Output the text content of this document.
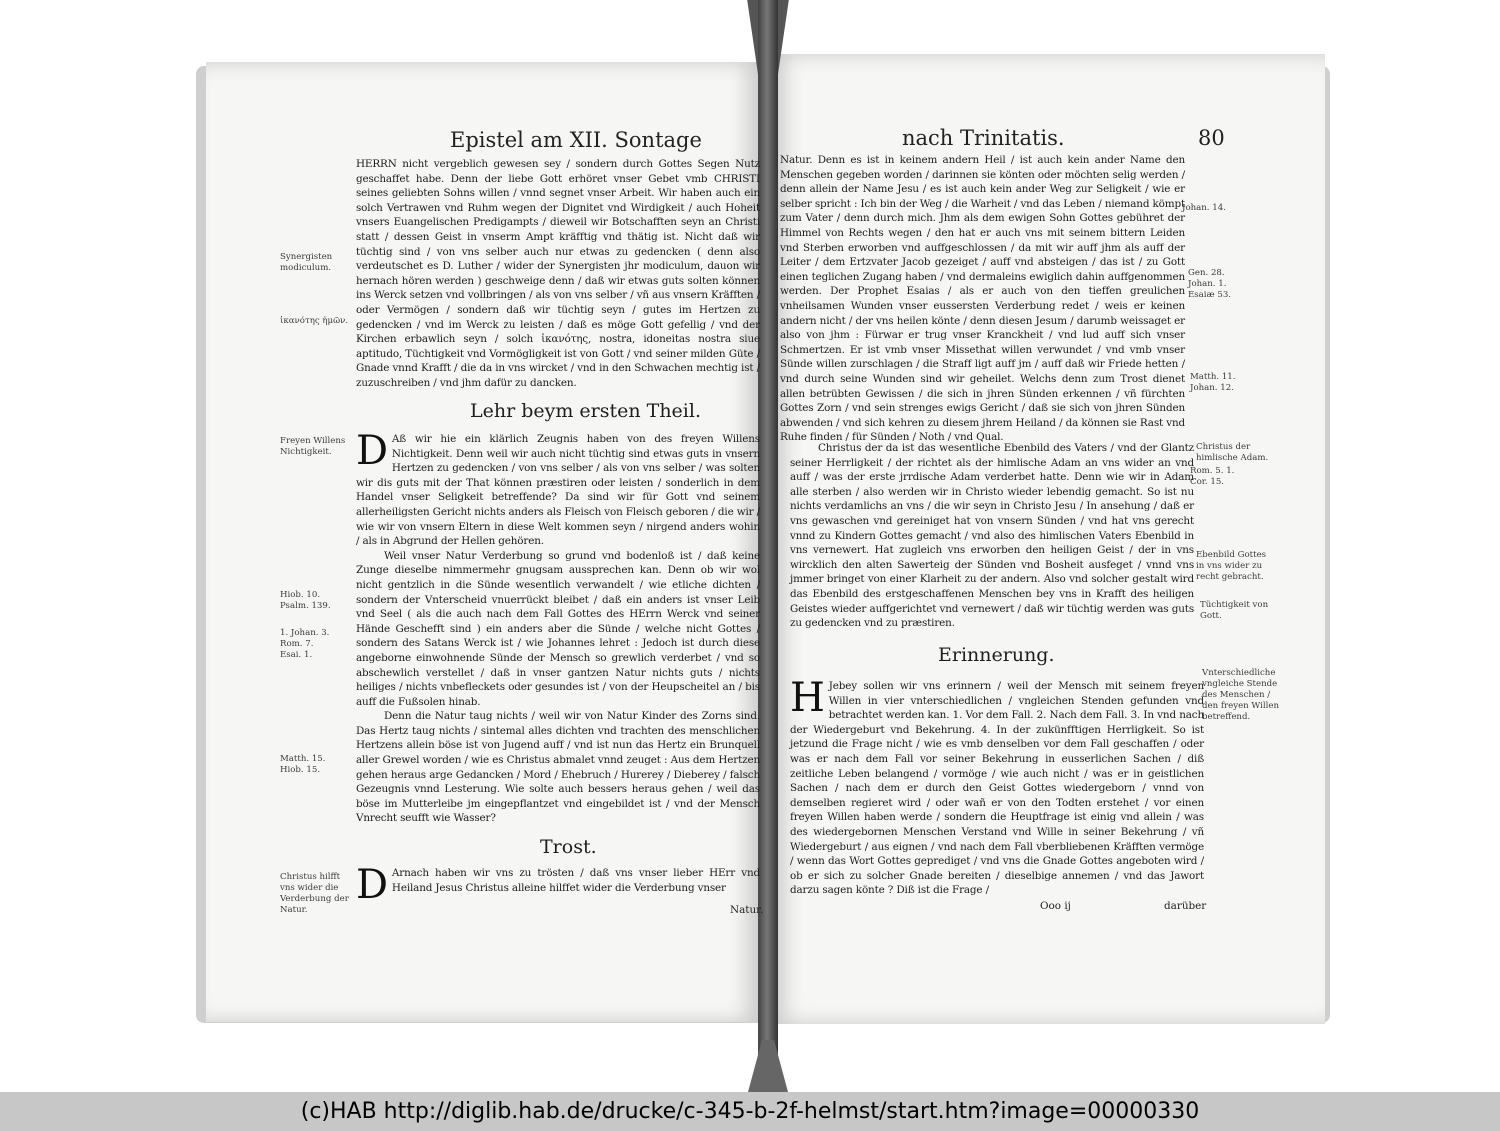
Epistel am XII. Sontage	nach Trinitatis.	80

HERRN nicht vergeblich gewesen sey / sondern durch Gottes Segen Nutz geschaffet habe. Denn der liebe Gott erhöret vnser Gebet vmb CHRISTI seines geliebten Sohns willen / vnnd segnet vnser Arbeit. Wir haben auch ein solch Vertrawen vnd Ruhm wegen der Dignitet vnd Wirdigkeit / auch Hoheit vnsers Euangelischen Predigampts / dieweil wir Botschafften seyn an Christi statt / dessen Geist in vnserm Ampt kräfftig vnd thätig ist. Nicht daß wir tüchtig sind / von vns selber auch nur etwas zu gedencken ( denn also verdeutschet es D. Luther / wider der Synergisten jhr modiculum, dauon wir hernach hören werden ) geschweige denn / daß wir etwas guts solten können ins Werck setzen vnd vollbringen / als von vns selber / vñ aus vnsern Kräfften / oder Vermögen / sondern daß wir tüchtig seyn / gutes im Hertzen zu gedencken / vnd im Werck zu leisten / daß es möge Gott gefellig / vnd der Kirchen erbawlich seyn / solch ἱκανότης, nostra, idoneitas nostra siue aptitudo, Tüchtigkeit vnd Vormögligkeit ist von Gott / vnd seiner milden Güte / Gnade vnnd Krafft / die da in vns wircket / vnd in den Schwachen mechtig ist / zuzuschreiben / vnd jhm dafür zu dancken.

Lehr beym ersten Theil.

D Aß wir hie ein klärlich Zeugnis haben von des freyen Willens Nichtigkeit. Denn weil wir auch nicht tüchtig sind etwas guts in vnsern Hertzen zu gedencken / von vns selber / als von vns selber / was solten wir dis guts mit der That können præstiren oder leisten / sonderlich in dem Handel vnser Seligkeit betreffende? Da sind wir für Gott vnd seinem allerheiligsten Gericht nichts anders als Fleisch von Fleisch geboren / die wir / wie wir von vnsern Eltern in diese Welt kommen seyn / nirgend anders wohin / als in Abgrund der Hellen gehören.

Weil vnser Natur Verderbung so grund vnd bodenloß ist / daß keine Zunge dieselbe nimmermehr gnugsam aussprechen kan. Denn ob wir wol nicht gentzlich in die Sünde wesentlich verwandelt / wie etliche dichten / sondern der Vnterscheid vnuerrückt bleibet / daß ein anders ist vnser Leib vnd Seel ( als die auch nach dem Fall Gottes des HErrn Werck vnd seiner Hände Geschefft sind ) ein anders aber die Sünde / welche nicht Gottes / sondern des Satans Werck ist / wie Johannes lehret : Jedoch ist durch diese angeborne einwohnende Sünde der Mensch so grewlich verderbet / vnd so abschewlich verstellet / daß in vnser gantzen Natur nichts guts / nichts heiliges / nichts vnbefleckets oder gesundes ist / von der Heupscheitel an / bis auff die Fußsolen hinab.

Denn die Natur taug nichts / weil wir von Natur Kinder des Zorns sind. Das Hertz taug nichts / sintemal alles dichten vnd trachten des menschlichen Hertzens allein böse ist von Jugend auff / vnd ist nun das Hertz ein Brunquell aller Grewel worden / wie es Christus abmalet vnnd zeuget : Aus dem Hertzen gehen heraus arge Gedancken / Mord / Ehebruch / Hurerey / Dieberey / falsch Gezeugnis vnnd Lesterung. Wie solte auch bessers heraus gehen / weil das böse im Mutterleibe jm eingepflantzet vnd eingebildet ist / vnd der Mensch Vnrecht seufft wie Wasser?

Trost.

D Arnach haben wir vns zu trösten / daß vns vnser lieber HErr vnd Heiland Jesus Christus alleine hilffet wider die Verderbung vnser

Natur.
Synergisten modiculum.
ἱκανότης ἡμῶν.
Freyen Willens Nichtigkeit.
Hiob. 10. Psalm. 139.
1. Johan. 3. Rom. 7. Esai. 1.
Matth. 15. Hiob. 15.
Christus hilfft vns wider die Verderbung der Natur.

Natur. Denn es ist in keinem andern Heil / ist auch kein ander Name den Menschen gegeben worden / darinnen sie könten oder möchten selig werden / denn allein der Name Jesu / es ist auch kein ander Weg zur Seligkeit / wie er selber spricht : Ich bin der Weg / die Warheit / vnd das Leben / niemand kömpt zum Vater / denn durch mich. Jhm als dem ewigen Sohn Gottes gebühret der Himmel von Rechts wegen / den hat er auch vns mit seinem bittern Leiden vnd Sterben erworben vnd auffgeschlossen / da mit wir auff jhm als auff der Leiter / dem Ertzvater Jacob gezeiget / auff vnd absteigen / das ist / zu Gott einen teglichen Zugang haben / vnd dermaleins ewiglich dahin auffgenommen werden. Der Prophet Esaias / als er auch von den tieffen greulichen vnheilsamen Wunden vnser eussersten Verderbung redet / weis er keinen andern nicht / der vns heilen könte / denn diesen Jesum / darumb weissaget er also von jhm : Fürwar er trug vnser Kranckheit / vnd lud auff sich vnser Schmertzen. Er ist vmb vnser Missethat willen verwundet / vnd vmb vnser Sünde willen zurschlagen / die Straff ligt auff jm / auff daß wir Friede hetten / vnd durch seine Wunden sind wir geheilet. Welchs denn zum Trost dienet allen betrübten Gewissen / die sich in jhren Sünden erkennen / vñ fürchten Gottes Zorn / vnd sein strenges ewigs Gericht / daß sie sich von jhren Sünden abwenden / vnd sich kehren zu diesem jhrem Heiland / da können sie Rast vnd Ruhe finden / für Sünden / Noth / vnd Qual.

Christus der da ist das wesentliche Ebenbild des Vaters / vnd der Glantz seiner Herrligkeit / der richtet als der himlische Adam an vns wider an vnd auff / was der erste jrrdische Adam verderbet hatte. Denn wie wir in Adam alle sterben / also werden wir in Christo wieder lebendig gemacht. So ist nu nichts verdamlichs an vns / die wir seyn in Christo Jesu / In ansehung / daß er vns gewaschen vnd gereiniget hat von vnsern Sünden / vnd hat vns gerecht vnnd zu Kindern Gottes gemacht / vnd also des himlischen Vaters Ebenbild in vns vernewert. Hat zugleich vns erworben den heiligen Geist / der in vns wircklich den alten Sawerteig der Sünden vnd Bosheit ausfeget / vnnd vns jmmer bringet von einer Klarheit zu der andern. Also vnd solcher gestalt wird das Ebenbild des erstgeschaffenen Menschen bey vns in Krafft des heiligen Geistes wieder auffgerichtet vnd vernewert / daß wir tüchtig werden was guts zu gedencken vnd zu præstiren.

Erinnerung.

H Jebey sollen wir vns erinnern / weil der Mensch mit seinem freyen Willen in vier vnterschiedlichen / vngleichen Stenden gefunden vnd betrachtet werden kan. 1. Vor dem Fall. 2. Nach dem Fall. 3. In vnd nach der Wiedergeburt vnd Bekehrung. 4. In der zukünfftigen Herrligkeit. So ist jetzund die Frage nicht / wie es vmb denselben vor dem Fall geschaffen / oder was er nach dem Fall vor seiner Bekehrung in eusserlichen Sachen / diß zeitliche Leben belangend / vormöge / wie auch nicht / was er in geistlichen Sachen / nach dem er durch den Geist Gottes wiedergeborn / vnnd von demselben regieret wird / oder wañ er von den Todten erstehet / vor einen freyen Willen haben werde / sondern die Heuptfrage ist einig vnd allein / was des wiedergebornen Menschen Verstand vnd Wille in seiner Bekehrung / vñ Wiedergeburt / aus eignen / vnd nach dem Fall vberbliebenen Kräfften vermöge / wenn das Wort Gottes geprediget / vnd vns die Gnade Gottes angeboten wird / ob er sich zu solcher Gnade bereiten / dieselbige annemen / vnd das Jawort darzu sagen könte ? Diß ist die Frage /

Ooo ij	darüber
Johan. 14.
Gen. 28. Johan. 1. Esaiæ 53.
Matth. 11. Johan. 12.
Christus der himlische Adam.
Rom. 5. 1. Cor. 15.
Ebenbild Gottes in vns wider zu recht gebracht.
Tüchtigkeit von Gott.
Vnterschiedliche vngleiche Stende des Menschen / den freyen Willen betreffend.
(c)HAB http://diglib.hab.de/drucke/c-345-b-2f-helmst/start.htm?image=00000330
